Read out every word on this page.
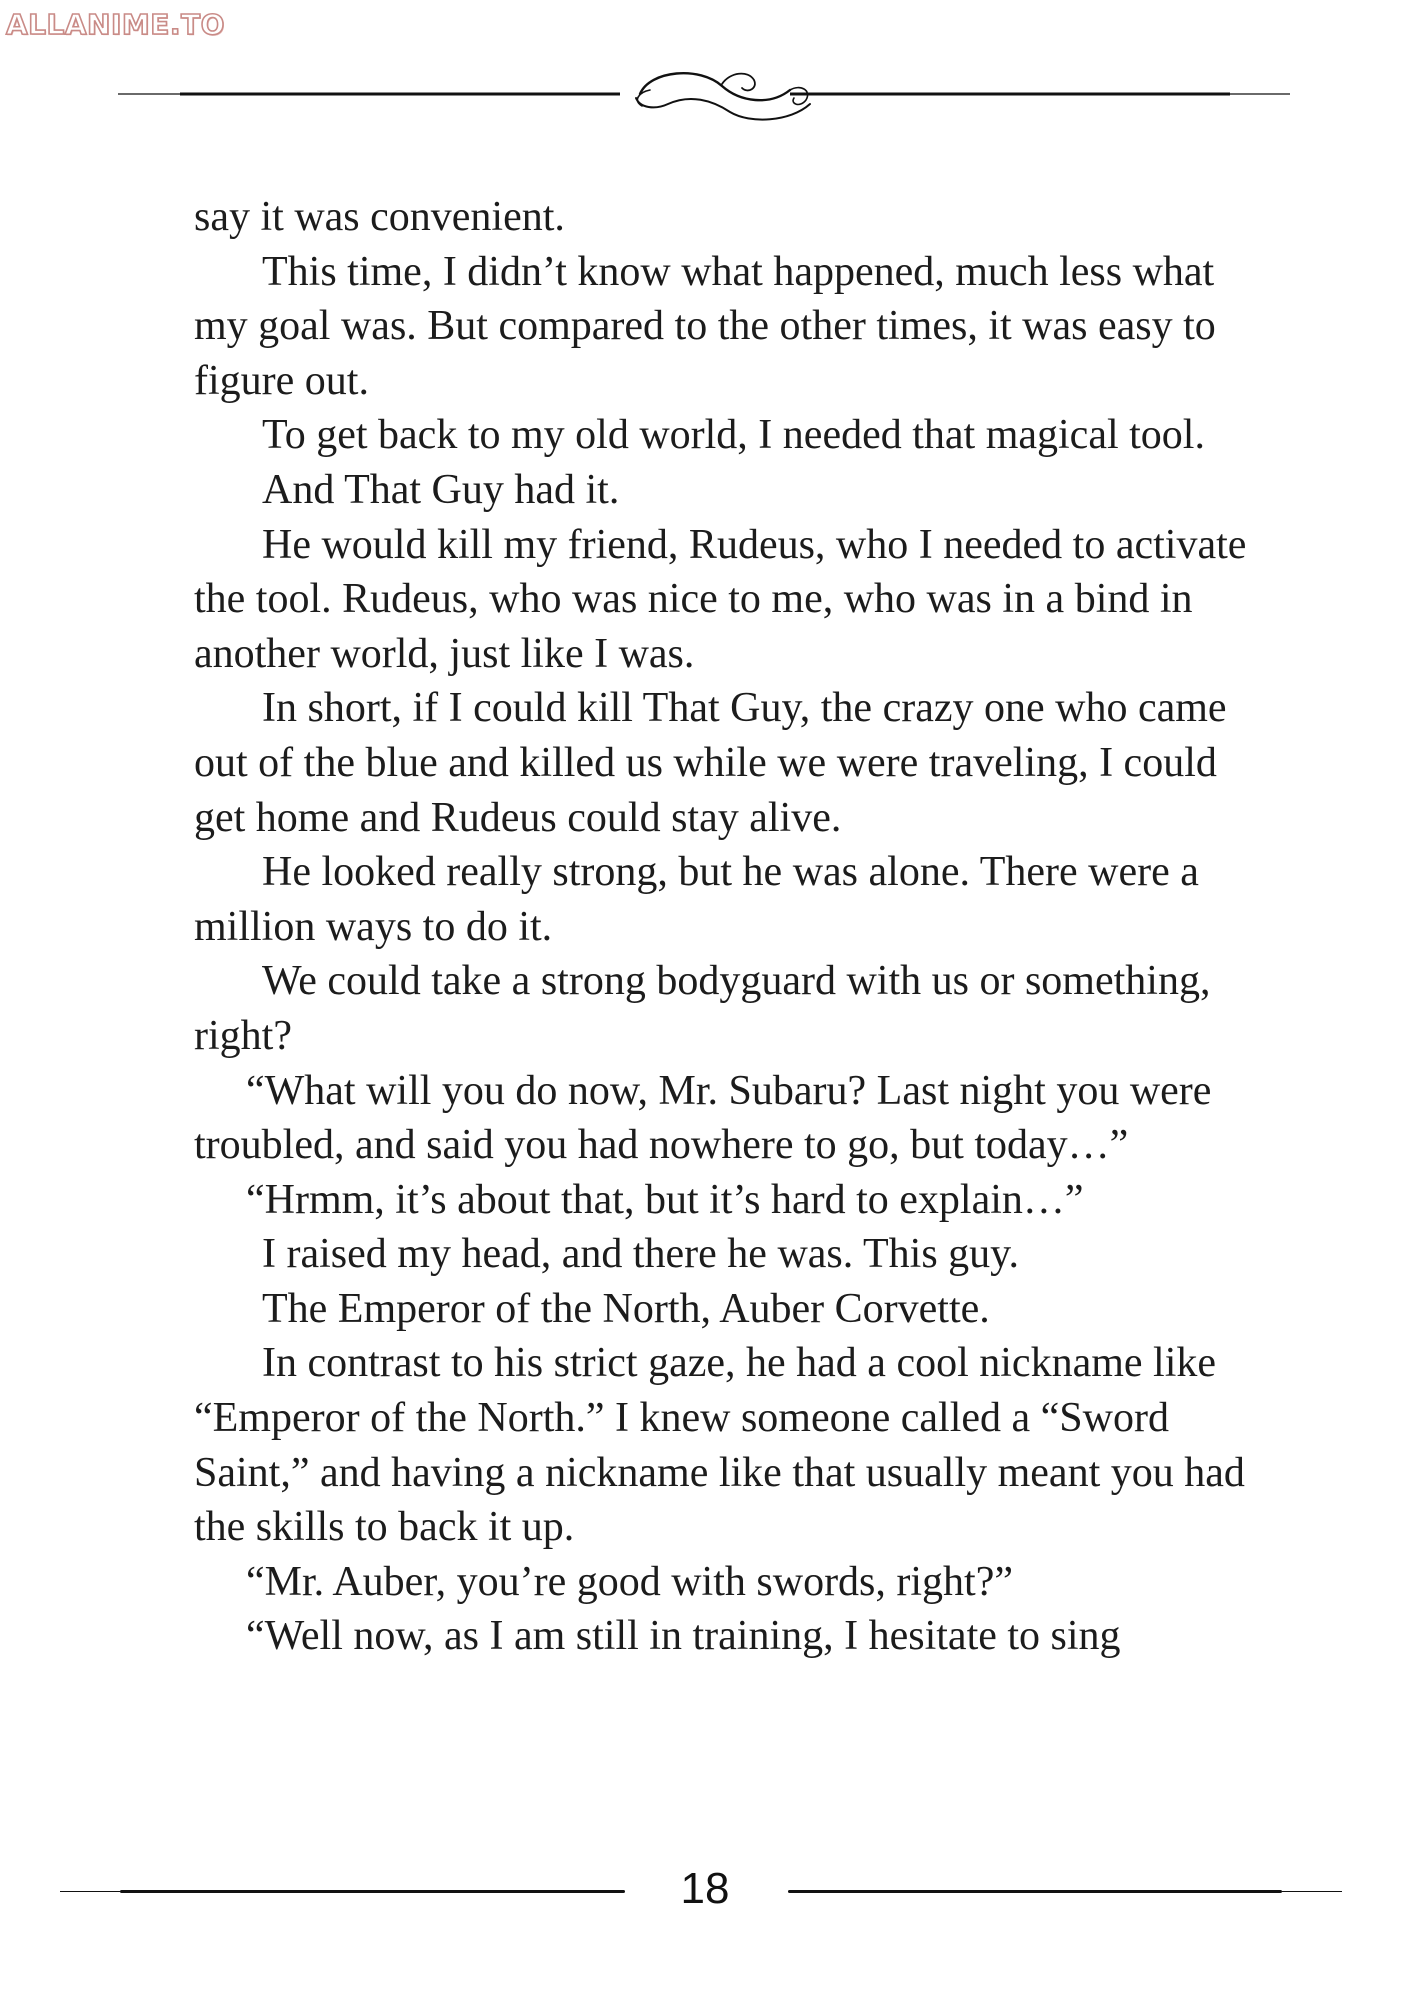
ALLANIME.TO

say it was convenient.

This time, I didn’t know what happened, much less what my goal was. But compared to the other times, it was easy to figure out.

To get back to my old world, I needed that magical tool.

And That Guy had it.

He would kill my friend, Rudeus, who I needed to activate the tool. Rudeus, who was nice to me, who was in a bind in another world, just like I was.

In short, if I could kill That Guy, the crazy one who came out of the blue and killed us while we were traveling, I could get home and Rudeus could stay alive.

He looked really strong, but he was alone. There were a million ways to do it.

We could take a strong bodyguard with us or something, right?

“What will you do now, Mr. Subaru? Last night you were troubled, and said you had nowhere to go, but today…”

“Hrmm, it’s about that, but it’s hard to explain…”

I raised my head, and there he was. This guy.

The Emperor of the North, Auber Corvette.

In contrast to his strict gaze, he had a cool nickname like “Emperor of the North.” I knew someone called a “Sword Saint,” and having a nickname like that usually meant you had the skills to back it up.

“Mr. Auber, you’re good with swords, right?”

“Well now, as I am still in training, I hesitate to sing

18
